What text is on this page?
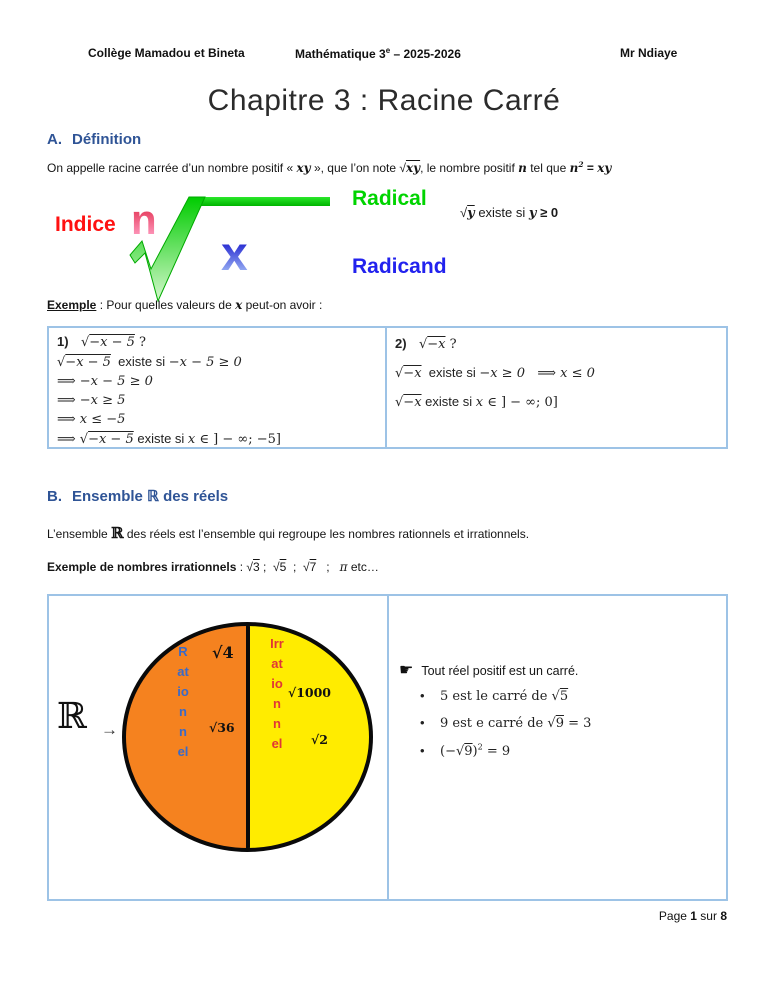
Collège Mamadou et Bineta	Mathématique 3e – 2025-2026	Mr Ndiaye
Chapitre 3 : Racine Carré
A. Définition
On appelle racine carrée d’un nombre positif « xy », que l’on note √xy, le nombre positif n tel que $n^2$ = xy
Indice n
x
Radical
Radicand
√y existe si y ≥ 0
Exemple : Pour quelles valeurs de x peut-on avoir :
1) √−x − 5 ?
√−x − 5  existe si −x − 5 ≥ 0
⟹ −x − 5 ≥ 0
⟹ −x ≥ 5
⟹ x ≤ −5
⟹ √−x − 5 existe si x ∈ ] − ∞; −5]
2) √−x ?
√−x  existe si −x ≥ 0   ⟹ x ≤ 0
√−x existe si x ∈ ] − ∞; 0]
B. Ensemble ℝ des réels
L’ensemble ℝ des réels est l’ensemble qui regroupe les nombres rationnels et irrationnels.
Exemple de nombres irrationnels : √3 ;  √5  ;  √7   ;   π etc…
ℝ →
Rationnel
Irrationnel
√4
√36
√1000
√2
☛ Tout réel positif est un carré.
• 5 est le carré de √5
• 9 est e carré de √9 = 3
• $(-√9)^2 = 9$
Page 1 sur 8
